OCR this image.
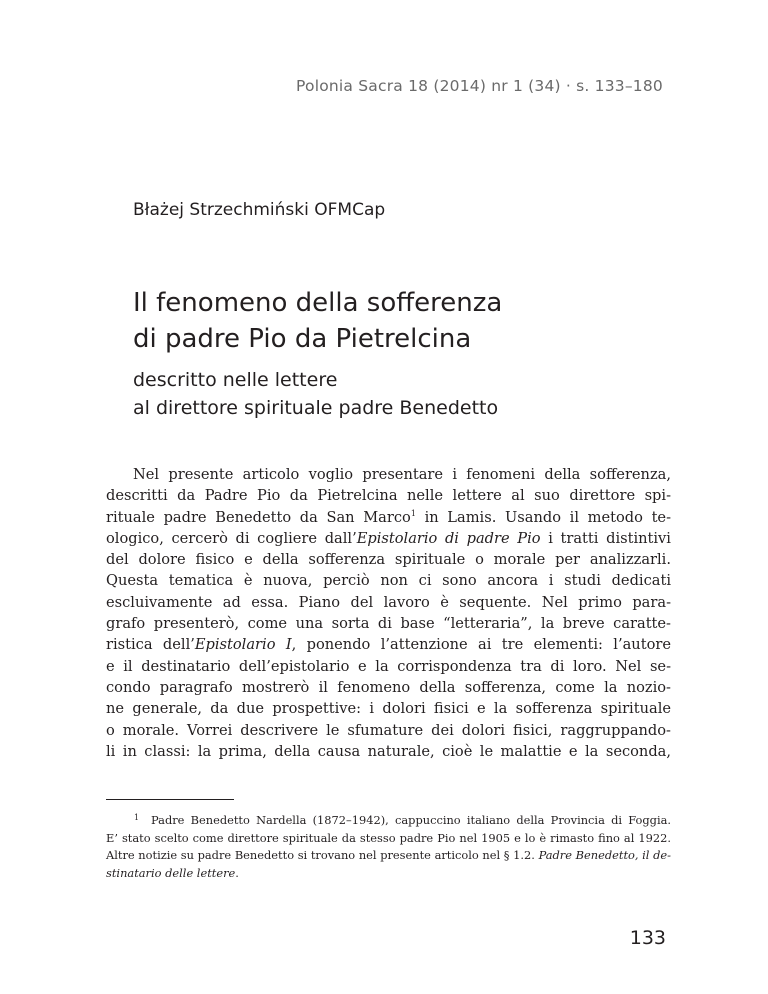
Polonia Sacra 18 (2014) nr 1 (34) · s. 133–180
Błażej Strzechmiński OFMCap
Il fenomeno della sofferenza
di padre Pio da Pietrelcina
descritto nelle lettere
al direttore spirituale padre Benedetto
Nel presente articolo voglio presentare i fenomeni della sofferenza,
descritti da Padre Pio da Pietrelcina nelle lettere al suo direttore spi-
rituale padre Benedetto da San Marco$^1$ in Lamis. Usando il metodo te-
ologico, cercerò di cogliere dall’Epistolario di padre Pio i tratti distintivi
del dolore fisico e della sofferenza spirituale o morale per analizzarli.
Questa tematica è nuova, perciò non ci sono ancora i studi dedicati
escluivamente ad essa. Piano del lavoro è sequente. Nel primo para-
grafo presenterò, come una sorta di base “letteraria”, la breve caratte-
ristica dell’Epistolario I, ponendo l’attenzione ai tre elementi: l’autore
e il destinatario dell’epistolario e la corrispondenza tra di loro. Nel se-
condo paragrafo mostrerò il fenomeno della sofferenza, come la nozio-
ne generale, da due prospettive: i dolori fisici e la sofferenza spirituale
o morale. Vorrei descrivere le sfumature dei dolori fisici, raggruppando-
li in classi: la prima, della causa naturale, cioè le malattie e la seconda,
1 Padre Benedetto Nardella (1872–1942), cappuccino italiano della Provincia di Foggia.
E’ stato scelto come direttore spirituale da stesso padre Pio nel 1905 e lo è rimasto fino al 1922.
Altre notizie su padre Benedetto si trovano nel presente articolo nel § 1.2. Padre Benedetto, il de-
stinatario delle lettere.
133
